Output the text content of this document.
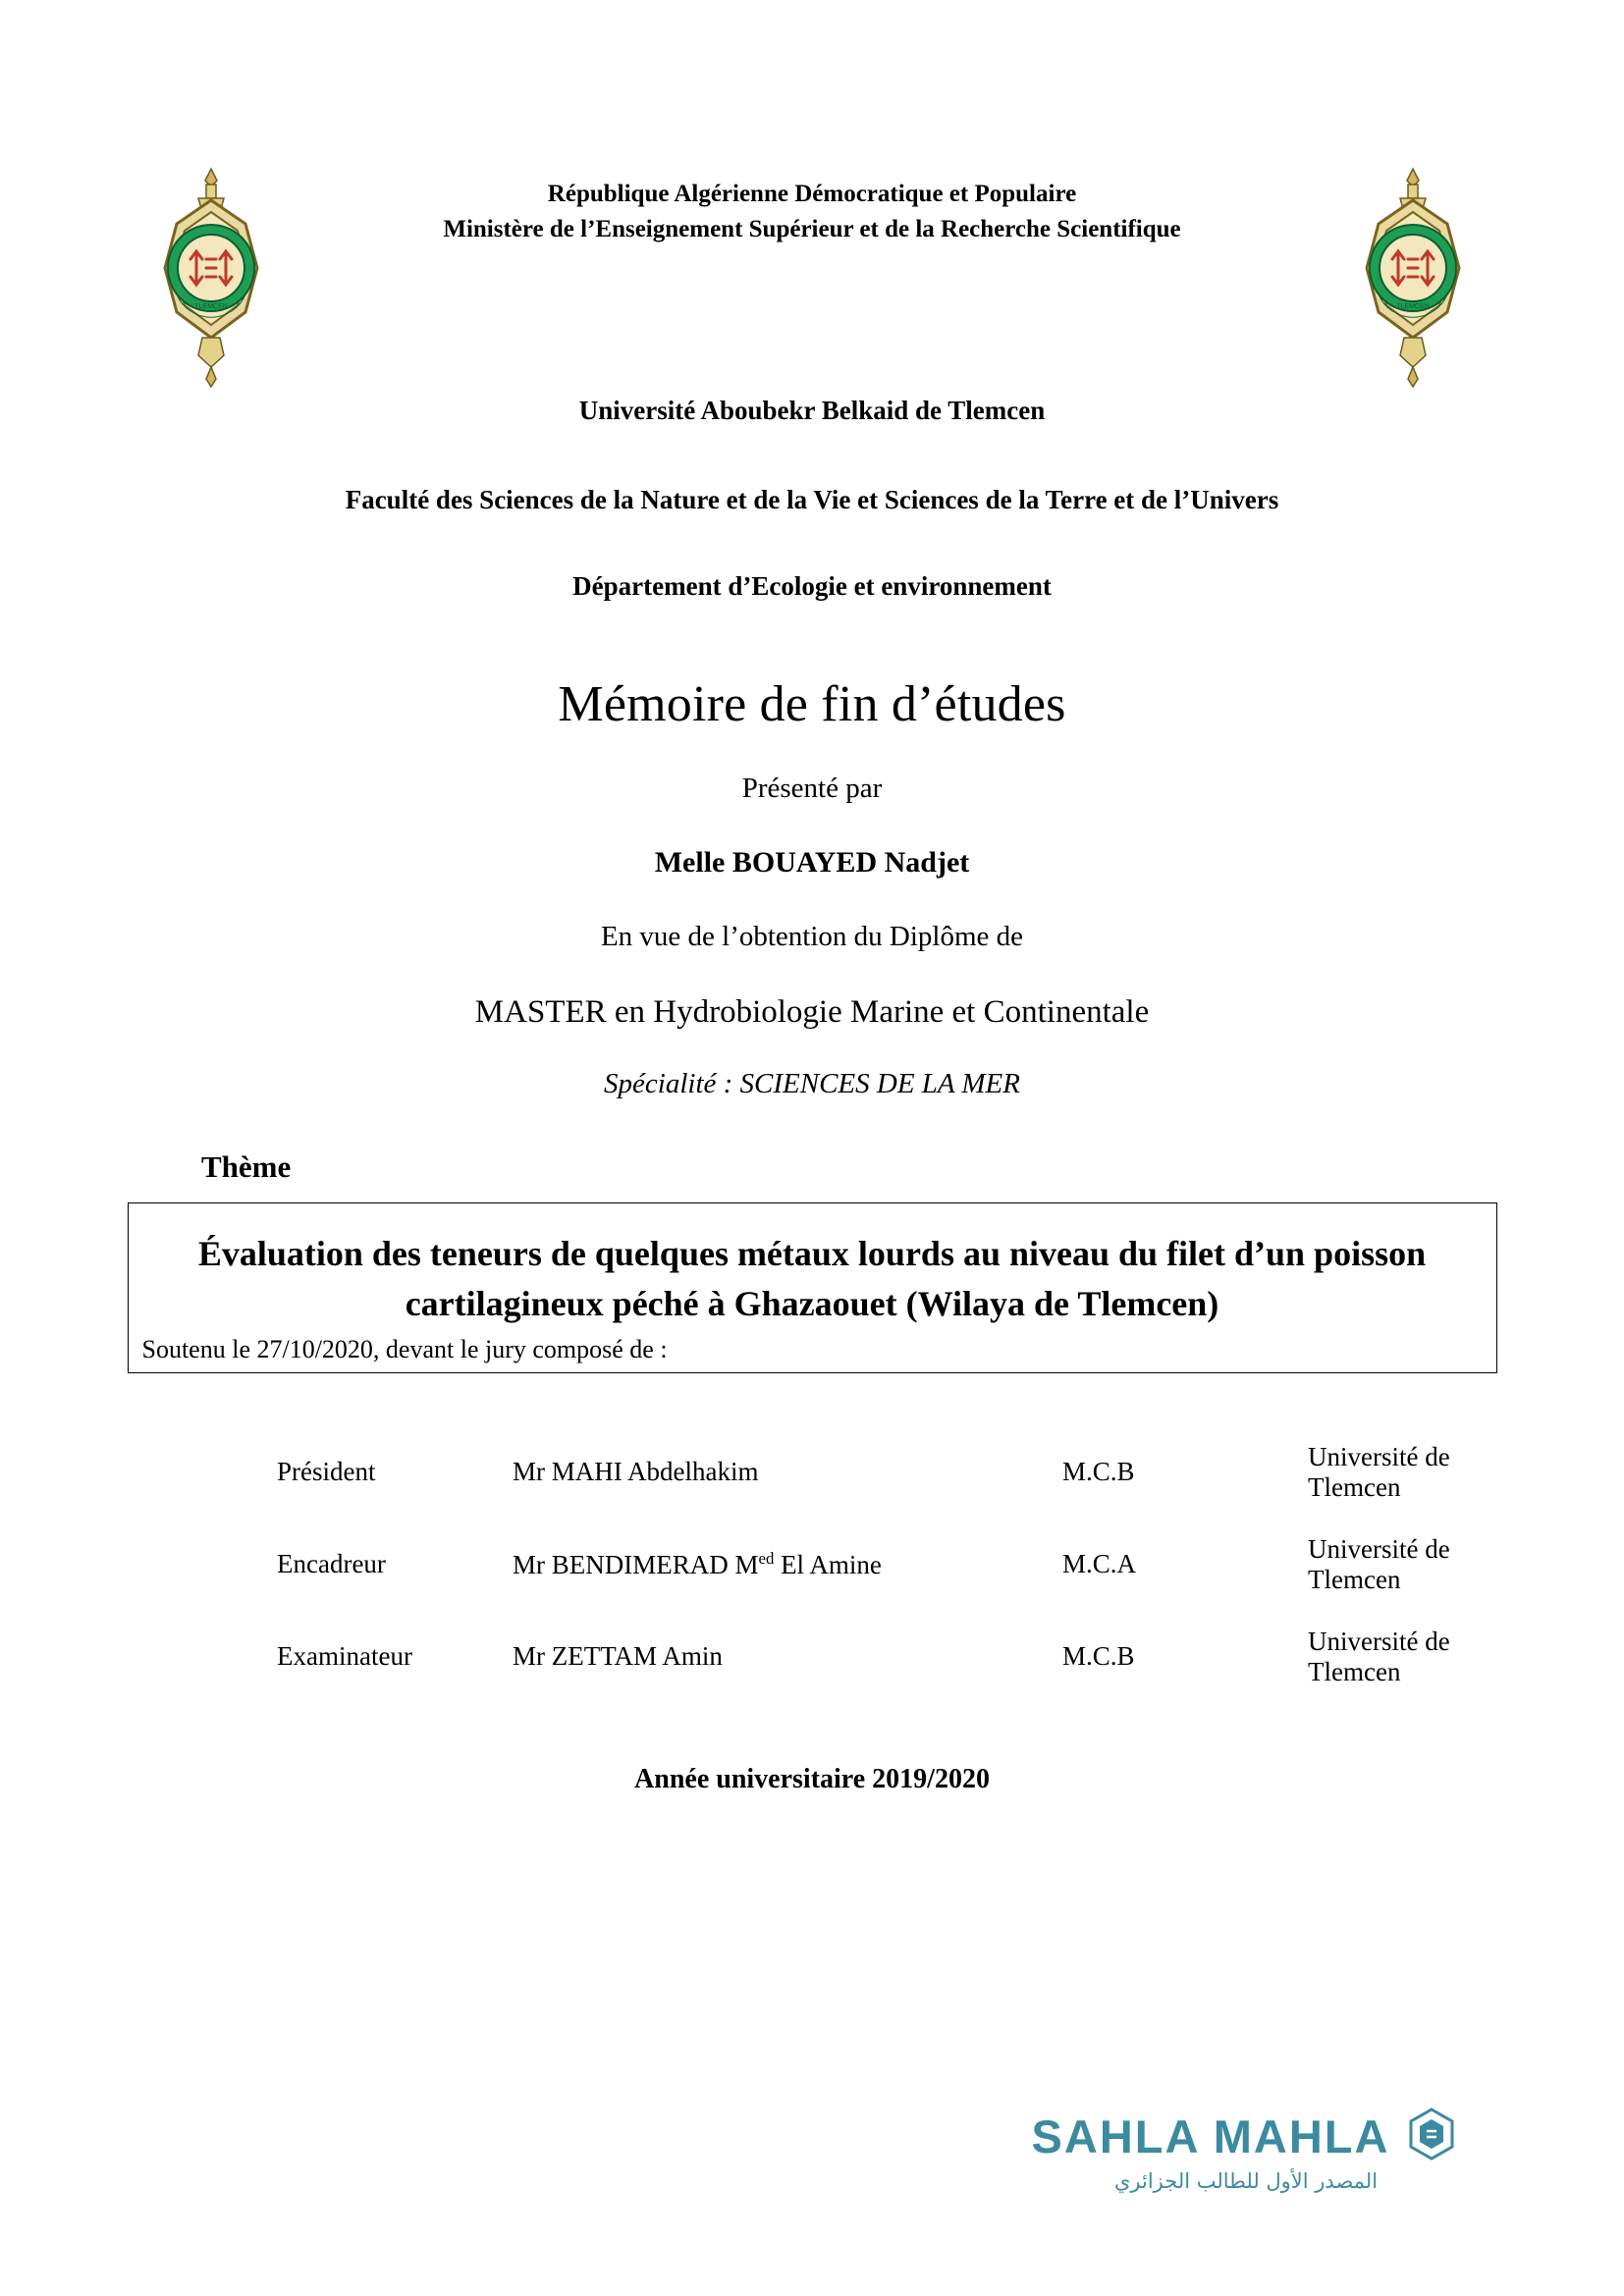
TLEMCEN
République Algérienne Démocratique et Populaire
Ministère de l’Enseignement Supérieur et de la Recherche Scientifique
TLEMCEN
Université Aboubekr Belkaid de Tlemcen
Faculté des Sciences de la Nature et de la Vie et Sciences de la Terre et de l’Univers
Département d’Ecologie et environnement
Mémoire de fin d’études
Présenté par
Melle BOUAYED Nadjet
En vue de l’obtention du Diplôme de
MASTER en Hydrobiologie Marine et Continentale
Spécialité : SCIENCES DE LA MER
Thème
Évaluation des teneurs de quelques métaux lourds au niveau du filet d’un poisson cartilagineux péché à Ghazaouet (Wilaya de Tlemcen)
Soutenu le 27/10/2020, devant le jury composé de :
Président	Mr MAHI Abdelhakim	M.C.B	Université de Tlemcen
Encadreur	Mr BENDIMERAD $M^{ed}$ El Amine	M.C.A	Université de Tlemcen
Examinateur	Mr ZETTAM Amin	M.C.B	Université de Tlemcen
Année universitaire 2019/2020
SAHLA MAHLA
المصدر الأول للطالب الجزائري
